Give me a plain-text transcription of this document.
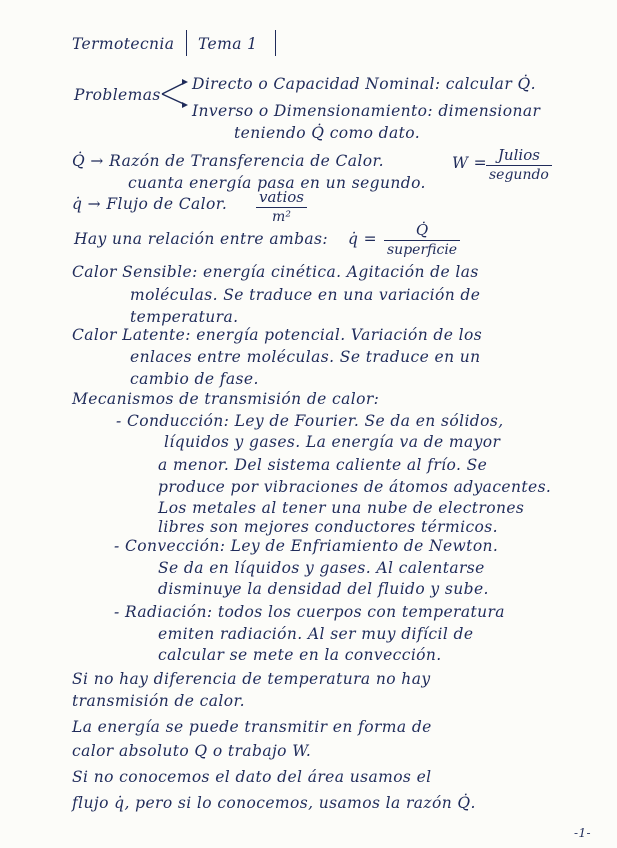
Termotecnia Tema 1
Problemas
Directo o Capacidad Nominal: calcular Q̇.
Inverso o Dimensionamiento: dimensionar
teniendo Q̇ como dato.
Q̇ → Razón de Transferencia de Calor.	W = Julios
segundo
cuanta energía pasa en un segundo.
q̇ → Flujo de Calor. vatios
m²
Hay una relación entre ambas: q̇ =	Q̇
superficie
Calor Sensible: energía cinética. Agitación de las
moléculas. Se traduce en una variación de
temperatura.
Calor Latente: energía potencial. Variación de los
enlaces entre moléculas. Se traduce en un
cambio de fase.
Mecanismos de transmisión de calor:
- Conducción: Ley de Fourier. Se da en sólidos,
líquidos y gases. La energía va de mayor
a menor. Del sistema caliente al frío. Se
produce por vibraciones de átomos adyacentes.
Los metales al tener una nube de electrones
libres son mejores conductores térmicos.
- Convección: Ley de Enfriamiento de Newton.
Se da en líquidos y gases. Al calentarse
disminuye la densidad del fluido y sube.
- Radiación: todos los cuerpos con temperatura
emiten radiación. Al ser muy difícil de
calcular se mete en la convección.
Si no hay diferencia de temperatura no hay
transmisión de calor.
La energía se puede transmitir en forma de
calor absoluto Q o trabajo W.
Si no conocemos el dato del área usamos el
flujo q̇, pero si lo conocemos, usamos la razón Q̇.
-1-
